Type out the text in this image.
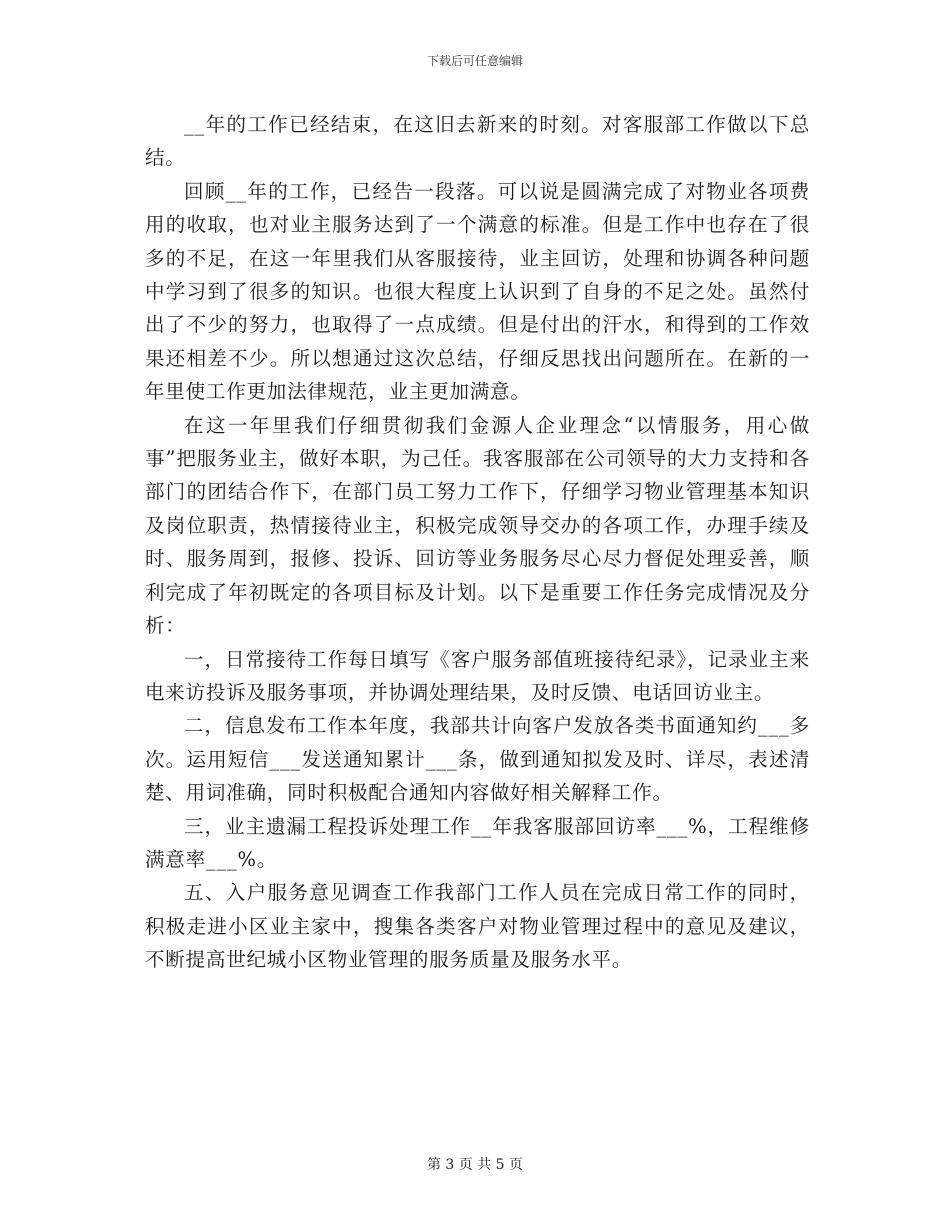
下载后可任意编辑

__年的工作已经结束，在这旧去新来的时刻。对客服部工作做以下总结。

回顾__年的工作，已经告一段落。可以说是圆满完成了对物业各项费用的收取，也对业主服务达到了一个满意的标准。但是工作中也存在了很多的不足，在这一年里我们从客服接待，业主回访，处理和协调各种问题中学习到了很多的知识。也很大程度上认识到了自身的不足之处。虽然付出了不少的努力，也取得了一点成绩。但是付出的汗水，和得到的工作效果还相差不少。所以想通过这次总结，仔细反思找出问题所在。在新的一年里使工作更加法律规范，业主更加满意。

在这一年里我们仔细贯彻我们金源人企业理念“以情服务，用心做事”把服务业主，做好本职，为己任。我客服部在公司领导的大力支持和各部门的团结合作下，在部门员工努力工作下，仔细学习物业管理基本知识及岗位职责，热情接待业主，积极完成领导交办的各项工作，办理手续及时、服务周到，报修、投诉、回访等业务服务尽心尽力督促处理妥善，顺利完成了年初既定的各项目标及计划。以下是重要工作任务完成情况及分析：

一，日常接待工作每日填写《客户服务部值班接待纪录》，记录业主来电来访投诉及服务事项，并协调处理结果，及时反馈、电话回访业主。

二，信息发布工作本年度，我部共计向客户发放各类书面通知约___多次。运用短信___发送通知累计___条，做到通知拟发及时、详尽，表述清楚、用词准确，同时积极配合通知内容做好相关解释工作。

三，业主遗漏工程投诉处理工作__年我客服部回访率___%，工程维修满意率___%。

五、入户服务意见调查工作我部门工作人员在完成日常工作的同时，积极走进小区业主家中，搜集各类客户对物业管理过程中的意见及建议，不断提高世纪城小区物业管理的服务质量及服务水平。

第 3 页 共 5 页
